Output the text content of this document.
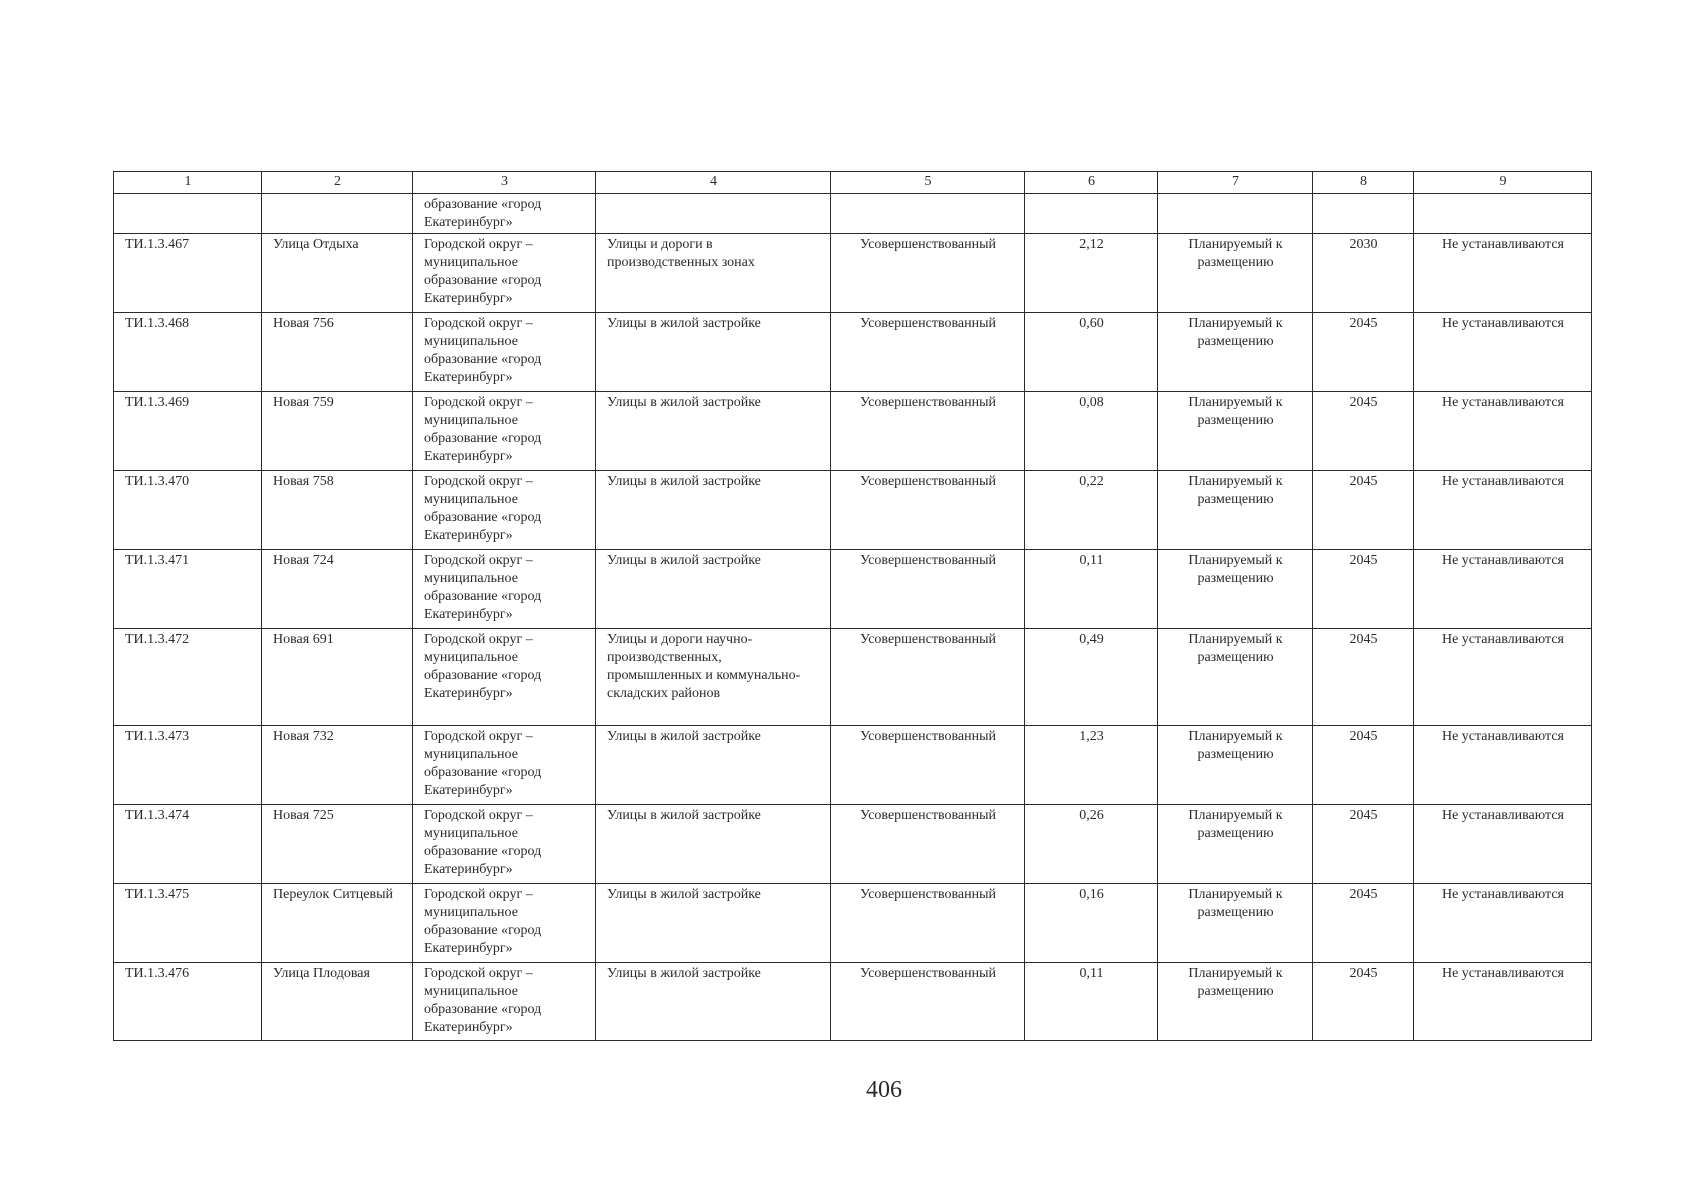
1	2	3	4	5	6	7	8	9
		образование «город Екатеринбург»						
ТИ.1.3.467	Улица Отдыха	Городской округ – муниципальное образование «город Екатеринбург»	Улицы и дороги в производственных зонах	Усовершенствованный	2,12	Планируемый к размещению	2030	Не устанавливаются
ТИ.1.3.468	Новая 756	Городской округ – муниципальное образование «город Екатеринбург»	Улицы в жилой застройке	Усовершенствованный	0,60	Планируемый к размещению	2045	Не устанавливаются
ТИ.1.3.469	Новая 759	Городской округ – муниципальное образование «город Екатеринбург»	Улицы в жилой застройке	Усовершенствованный	0,08	Планируемый к размещению	2045	Не устанавливаются
ТИ.1.3.470	Новая 758	Городской округ – муниципальное образование «город Екатеринбург»	Улицы в жилой застройке	Усовершенствованный	0,22	Планируемый к размещению	2045	Не устанавливаются
ТИ.1.3.471	Новая 724	Городской округ – муниципальное образование «город Екатеринбург»	Улицы в жилой застройке	Усовершенствованный	0,11	Планируемый к размещению	2045	Не устанавливаются
ТИ.1.3.472	Новая 691	Городской округ – муниципальное образование «город Екатеринбург»	Улицы и дороги научно-производственных, промышленных и коммунально-складских районов	Усовершенствованный	0,49	Планируемый к размещению	2045	Не устанавливаются
ТИ.1.3.473	Новая 732	Городской округ – муниципальное образование «город Екатеринбург»	Улицы в жилой застройке	Усовершенствованный	1,23	Планируемый к размещению	2045	Не устанавливаются
ТИ.1.3.474	Новая 725	Городской округ – муниципальное образование «город Екатеринбург»	Улицы в жилой застройке	Усовершенствованный	0,26	Планируемый к размещению	2045	Не устанавливаются
ТИ.1.3.475	Переулок Ситцевый	Городской округ – муниципальное образование «город Екатеринбург»	Улицы в жилой застройке	Усовершенствованный	0,16	Планируемый к размещению	2045	Не устанавливаются
ТИ.1.3.476	Улица Плодовая	Городской округ – муниципальное образование «город Екатеринбург»	Улицы в жилой застройке	Усовершенствованный	0,11	Планируемый к размещению	2045	Не устанавливаются
406
